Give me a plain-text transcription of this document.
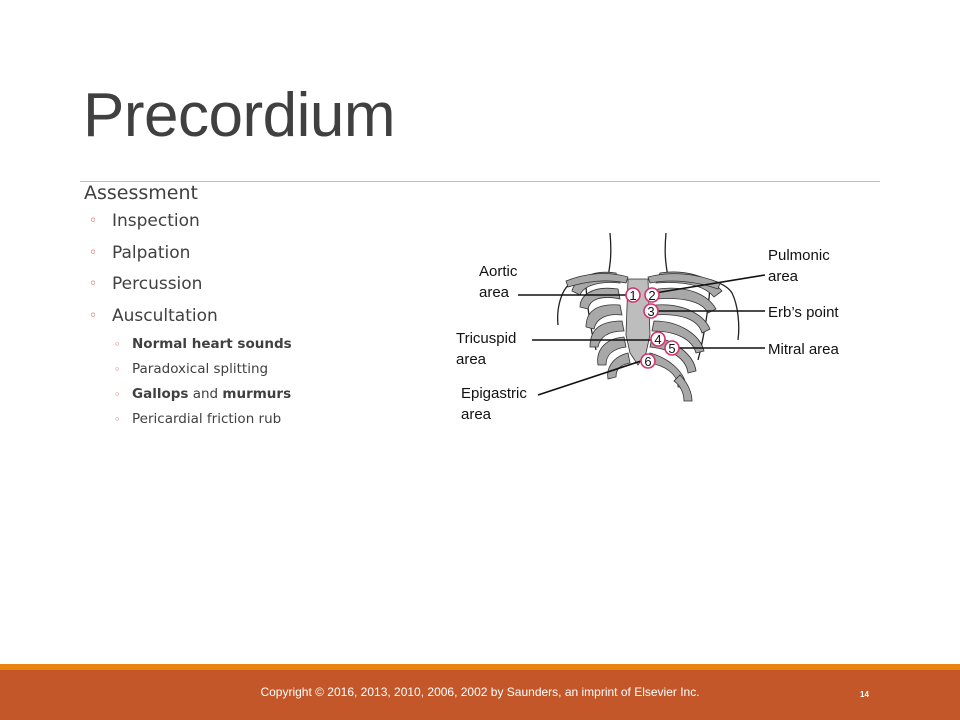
Precordium
Assessment
◦ Inspection
◦ Palpation
◦ Percussion
◦ Auscultation
◦ Normal heart sounds
◦ Paradoxical splitting
◦ Gallops and murmurs
◦ Pericardial friction rub
1 2
3
4
5
6
Aortic
area
Tricuspid
area
Epigastric
area
Pulmonic
area
Erb’s point
Mitral area
Copyright © 2016, 2013, 2010, 2006, 2002 by Saunders, an imprint of Elsevier Inc.	14
